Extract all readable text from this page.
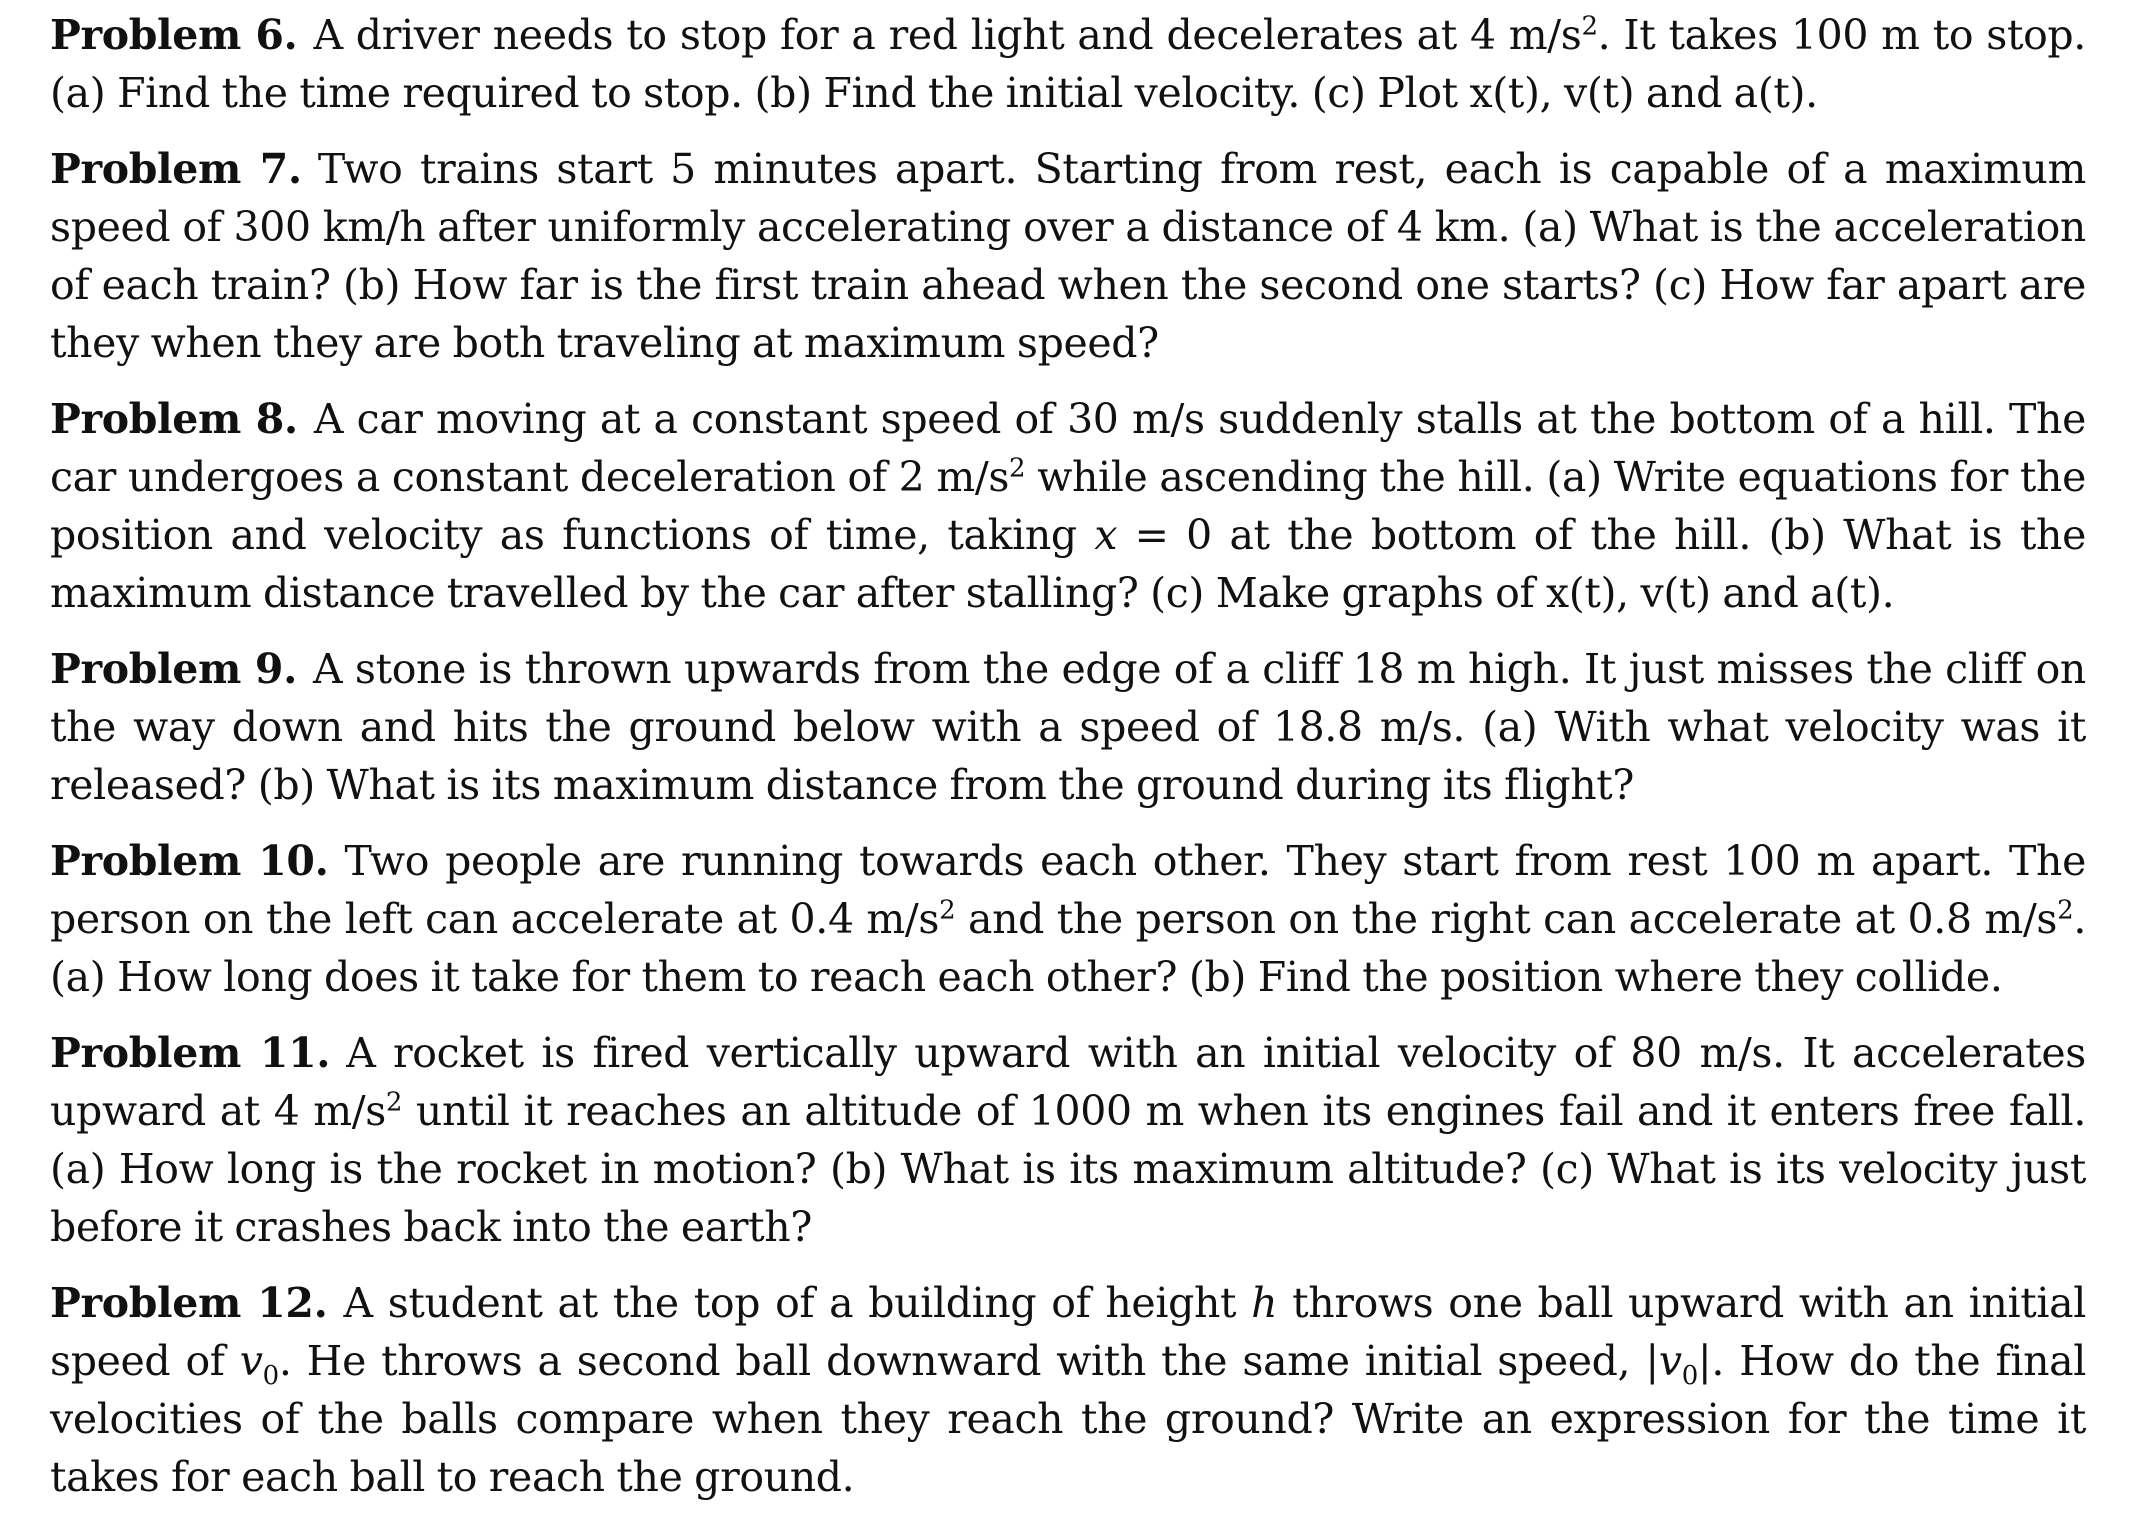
Problem 6. A driver needs to stop for a red light and decelerates at 4 $m/s^2$. It takes 100 m to stop. (a) Find the time required to stop. (b) Find the initial velocity. (c) Plot x(t), v(t) and a(t).

Problem 7. Two trains start 5 minutes apart. Starting from rest, each is capable of a maximum speed of 300 km/h after uniformly accelerating over a distance of 4 km. (a) What is the acceleration of each train? (b) How far is the first train ahead when the second one starts? (c) How far apart are they when they are both traveling at maximum speed?

Problem 8. A car moving at a constant speed of 30 m/s suddenly stalls at the bottom of a hill. The car undergoes a constant deceleration of 2 $m/s^2$ while ascending the hill. (a) Write equations for the position and velocity as functions of time, taking x = 0 at the bottom of the hill. (b) What is the maximum distance travelled by the car after stalling? (c) Make graphs of x(t), v(t) and a(t).

Problem 9. A stone is thrown upwards from the edge of a cliff 18 m high. It just misses the cliff on the way down and hits the ground below with a speed of 18.8 m/s. (a) With what velocity was it released? (b) What is its maximum distance from the ground during its flight?

Problem 10. Two people are running towards each other. They start from rest 100 m apart. The person on the left can accelerate at 0.4 $m/s^2$ and the person on the right can accelerate at 0.8 $m/s^2$. (a) How long does it take for them to reach each other? (b) Find the position where they collide.

Problem 11. A rocket is fired vertically upward with an initial velocity of 80 m/s. It accelerates upward at 4 $m/s^2$ until it reaches an altitude of 1000 m when its engines fail and it enters free fall. (a) How long is the rocket in motion? (b) What is its maximum altitude? (c) What is its velocity just before it crashes back into the earth?

Problem 12. A student at the top of a building of height h throws one ball upward with an initial speed of $v_0$. He throws a second ball downward with the same initial speed, $|v_0|$. How do the final velocities of the balls compare when they reach the ground? Write an expression for the time it takes for each ball to reach the ground.
